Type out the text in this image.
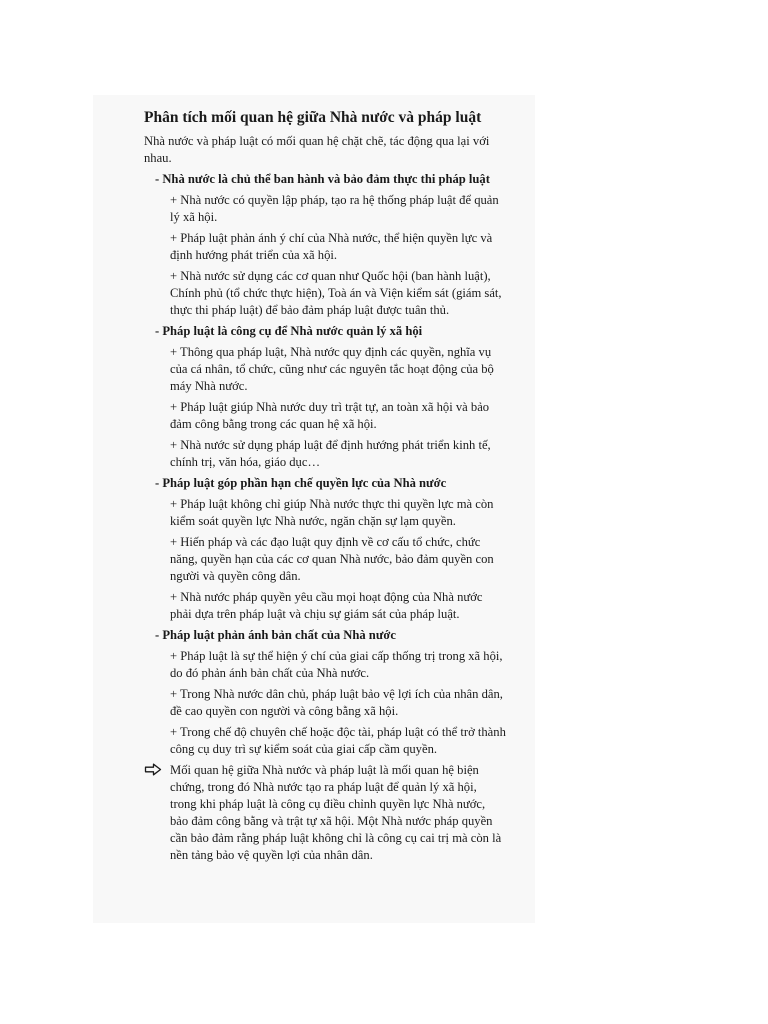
Phân tích mối quan hệ giữa Nhà nước và pháp luật
Nhà nước và pháp luật có mối quan hệ chặt chẽ, tác động qua lại với nhau.
- Nhà nước là chủ thể ban hành và bảo đảm thực thi pháp luật
+ Nhà nước có quyền lập pháp, tạo ra hệ thống pháp luật để quản lý xã hội.
+ Pháp luật phản ánh ý chí của Nhà nước, thể hiện quyền lực và định hướng phát triển của xã hội.
+ Nhà nước sử dụng các cơ quan như Quốc hội (ban hành luật), Chính phủ (tổ chức thực hiện), Toà án và Viện kiểm sát (giám sát, thực thi pháp luật) để bảo đảm pháp luật được tuân thủ.
- Pháp luật là công cụ để Nhà nước quản lý xã hội
+ Thông qua pháp luật, Nhà nước quy định các quyền, nghĩa vụ của cá nhân, tổ chức, cũng như các nguyên tắc hoạt động của bộ máy Nhà nước.
+ Pháp luật giúp Nhà nước duy trì trật tự, an toàn xã hội và bảo đảm công bằng trong các quan hệ xã hội.
+ Nhà nước sử dụng pháp luật để định hướng phát triển kinh tế, chính trị, văn hóa, giáo dục…
- Pháp luật góp phần hạn chế quyền lực của Nhà nước
+ Pháp luật không chỉ giúp Nhà nước thực thi quyền lực mà còn kiểm soát quyền lực Nhà nước, ngăn chặn sự lạm quyền.
+ Hiến pháp và các đạo luật quy định về cơ cấu tổ chức, chức năng, quyền hạn của các cơ quan Nhà nước, bảo đảm quyền con người và quyền công dân.
+ Nhà nước pháp quyền yêu cầu mọi hoạt động của Nhà nước phải dựa trên pháp luật và chịu sự giám sát của pháp luật.
- Pháp luật phản ánh bản chất của Nhà nước
+ Pháp luật là sự thể hiện ý chí của giai cấp thống trị trong xã hội, do đó phản ánh bản chất của Nhà nước.
+ Trong Nhà nước dân chủ, pháp luật bảo vệ lợi ích của nhân dân, đề cao quyền con người và công bằng xã hội.
+ Trong chế độ chuyên chế hoặc độc tài, pháp luật có thể trở thành công cụ duy trì sự kiểm soát của giai cấp cầm quyền.
Mối quan hệ giữa Nhà nước và pháp luật là mối quan hệ biện chứng, trong đó Nhà nước tạo ra pháp luật để quản lý xã hội, trong khi pháp luật là công cụ điều chỉnh quyền lực Nhà nước, bảo đảm công bằng và trật tự xã hội. Một Nhà nước pháp quyền cần bảo đảm rằng pháp luật không chỉ là công cụ cai trị mà còn là nền tảng bảo vệ quyền lợi của nhân dân.
